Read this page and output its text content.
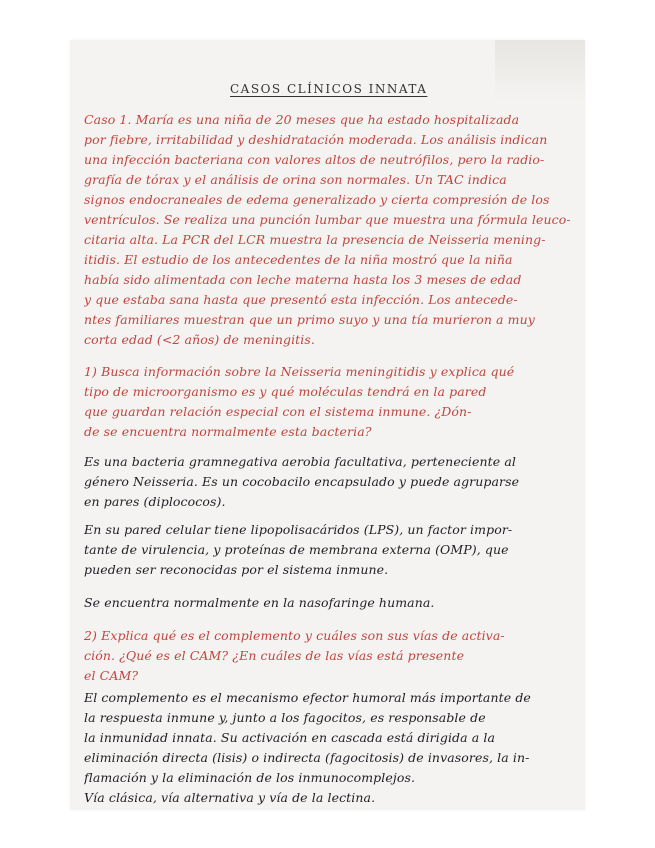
CASOS CLÍNICOS INNATA
Caso 1. María es una niña de 20 meses que ha estado hospitalizada
por fiebre, irritabilidad y deshidratación moderada. Los análisis indican
una infección bacteriana con valores altos de neutrófilos, pero la radio-
grafía de tórax y el análisis de orina son normales. Un TAC indica
signos endocraneales de edema generalizado y cierta compresión de los
ventrículos. Se realiza una punción lumbar que muestra una fórmula leuco-
citaria alta. La PCR del LCR muestra la presencia de Neisseria mening-
itidis. El estudio de los antecedentes de la niña mostró que la niña
había sido alimentada con leche materna hasta los 3 meses de edad
y que estaba sana hasta que presentó esta infección. Los antecede-
ntes familiares muestran que un primo suyo y una tía murieron a muy
corta edad (<2 años) de meningitis.
1) Busca información sobre la Neisseria meningitidis y explica qué
tipo de microorganismo es y qué moléculas tendrá en la pared
que guardan relación especial con el sistema inmune. ¿Dón-
de se encuentra normalmente esta bacteria?
Es una bacteria gramnegativa aerobia facultativa, perteneciente al
género Neisseria. Es un cocobacilo encapsulado y puede agruparse
en pares (diplococos).
En su pared celular tiene lipopolisacáridos (LPS), un factor impor-
tante de virulencia, y proteínas de membrana externa (OMP), que
pueden ser reconocidas por el sistema inmune.
Se encuentra normalmente en la nasofaringe humana.
2) Explica qué es el complemento y cuáles son sus vías de activa-
ción. ¿Qué es el CAM? ¿En cuáles de las vías está presente
el CAM?
El complemento es el mecanismo efector humoral más importante de
la respuesta inmune y, junto a los fagocitos, es responsable de
la inmunidad innata. Su activación en cascada está dirigida a la
eliminación directa (lisis) o indirecta (fagocitosis) de invasores, la in-
flamación y la eliminación de los inmunocomplejos.
Vía clásica, vía alternativa y vía de la lectina.
